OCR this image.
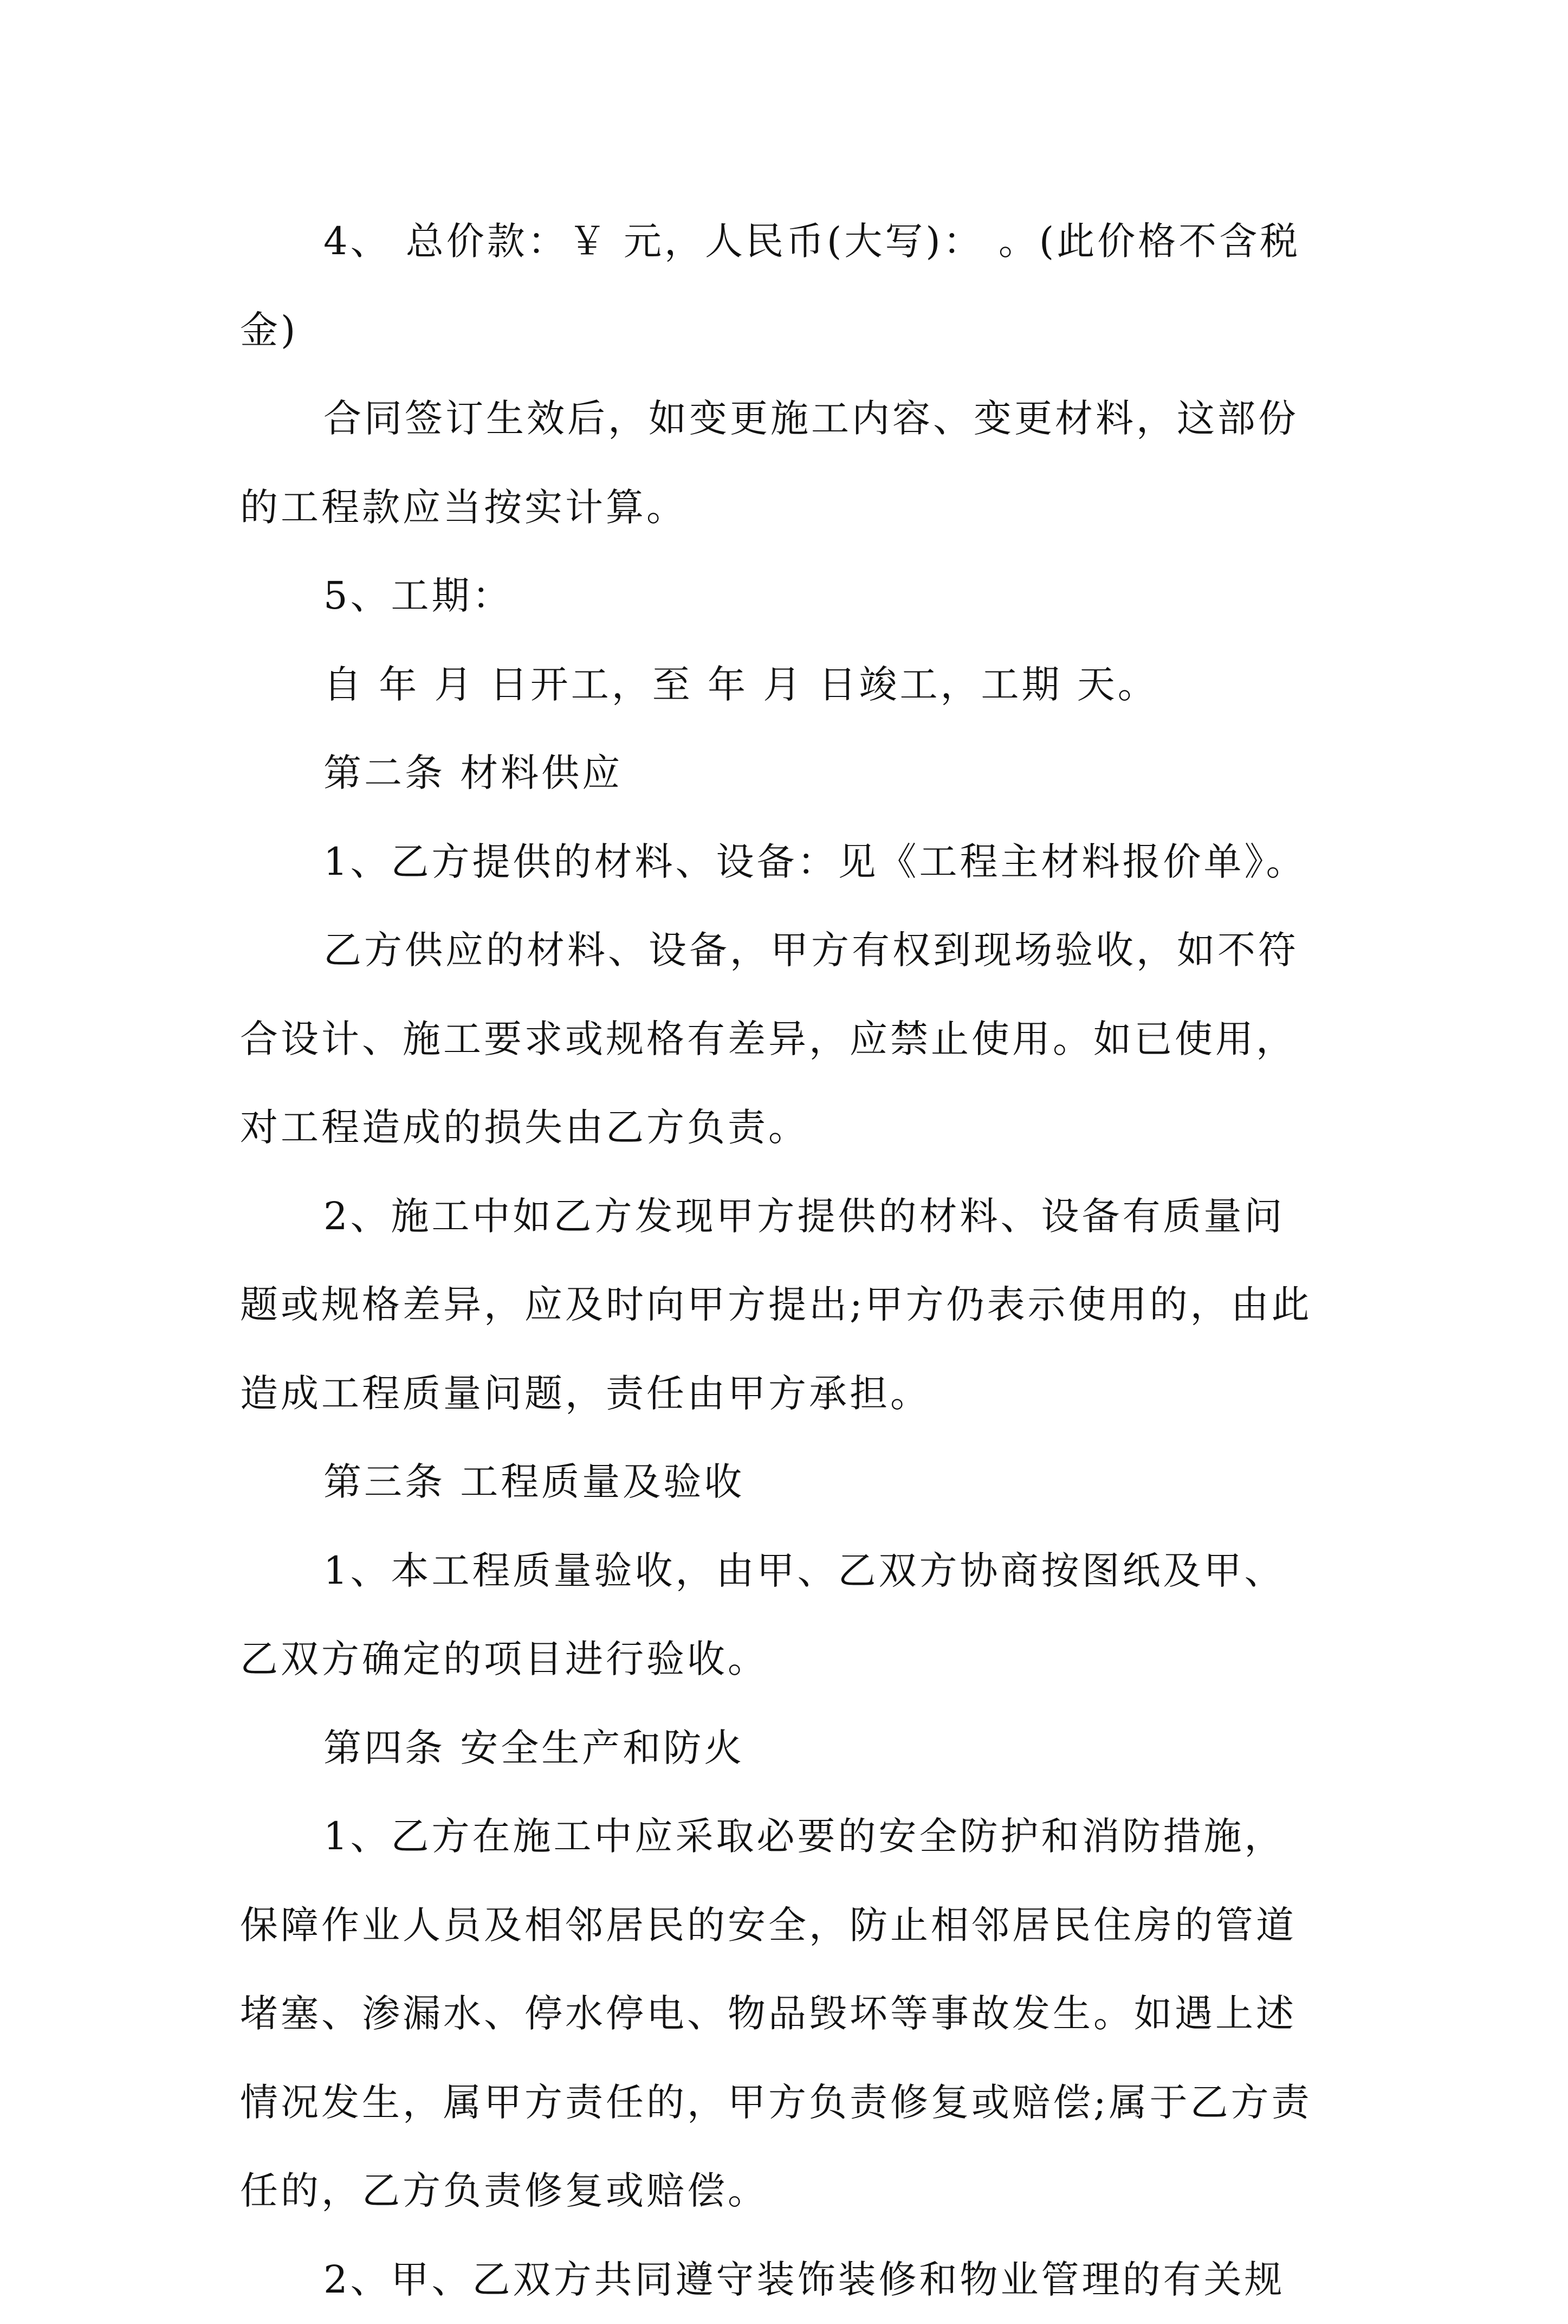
4、 总价款：￥ 元，人民币(大写)： 。(此价格不含税金)

合同签订生效后，如变更施工内容、变更材料，这部份的工程款应当按实计算。

5、工期：

自 年 月 日开工，至 年 月 日竣工，工期 天。

第二条 材料供应

1、乙方提供的材料、设备：见《工程主材料报价单》。

乙方供应的材料、设备，甲方有权到现场验收，如不符合设计、施工要求或规格有差异，应禁止使用。如已使用，对工程造成的损失由乙方负责。

2、施工中如乙方发现甲方提供的材料、设备有质量问题或规格差异，应及时向甲方提出;甲方仍表示使用的，由此造成工程质量问题，责任由甲方承担。

第三条 工程质量及验收

1、本工程质量验收，由甲、乙双方协商按图纸及甲、乙双方确定的项目进行验收。

第四条 安全生产和防火

1、乙方在施工中应采取必要的安全防护和消防措施，保障作业人员及相邻居民的安全，防止相邻居民住房的管道堵塞、渗漏水、停水停电、物品毁坏等事故发生。如遇上述情况发生，属甲方责任的，甲方负责修复或赔偿;属于乙方责任的，乙方负责修复或赔偿。

2、甲、乙双方共同遵守装饰装修和物业管理的有关规
